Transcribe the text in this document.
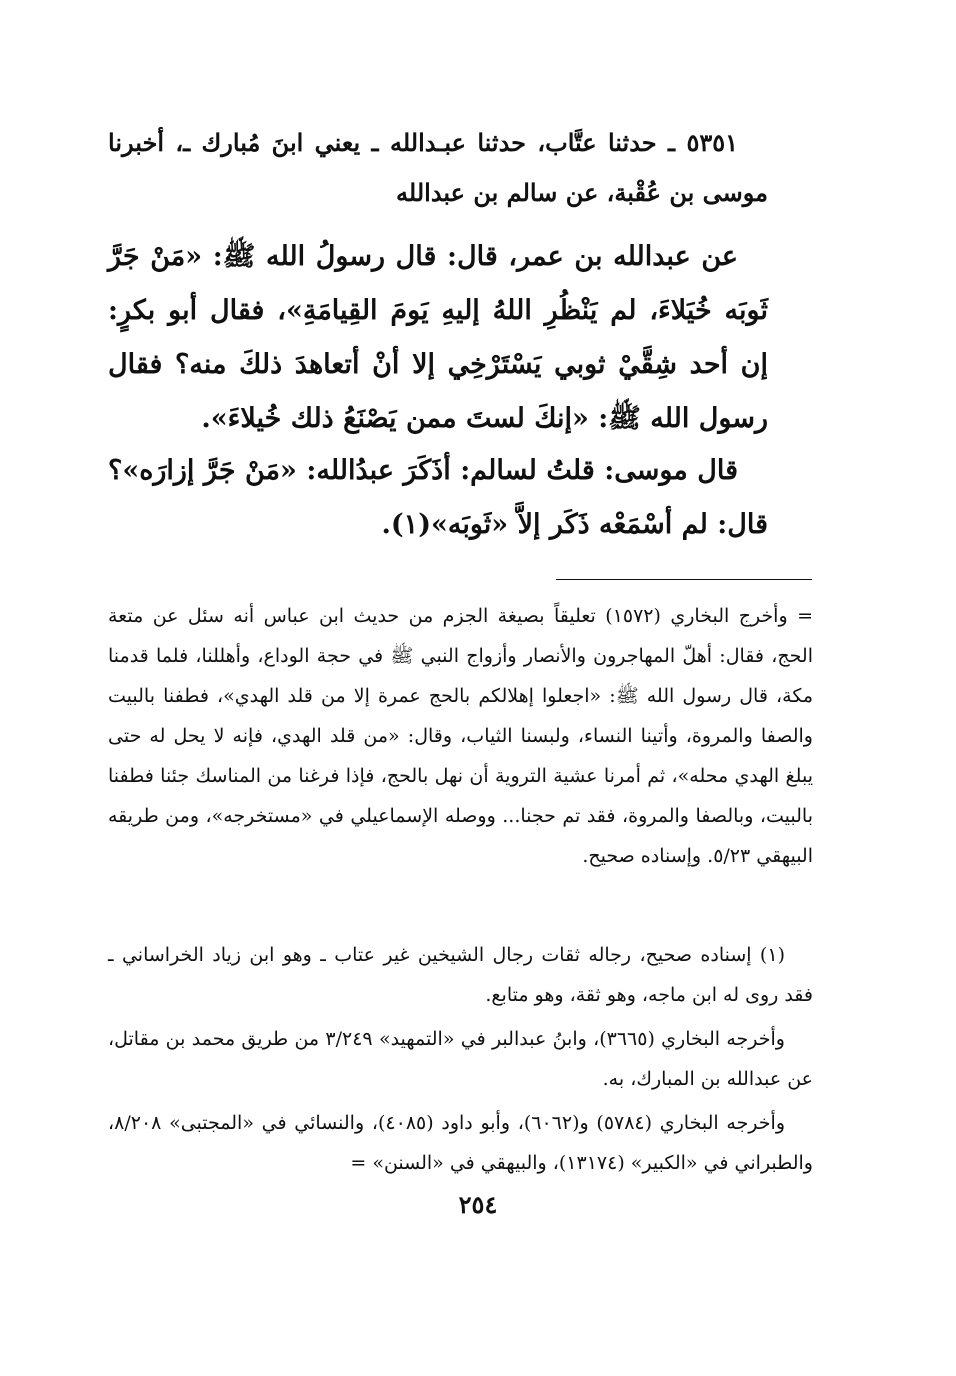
٥٣٥١ ـ حدثنا عتَّاب، حدثنا عبـدالله ـ يعني ابنَ مُبارك ـ، أخبرنا موسى بن عُقْبة، عن سالم بن عبدالله

عن عبدالله بن عمر، قال: قال رسولُ الله ﷺ: «مَنْ جَرَّ ثَوبَه خُيَلاءَ، لم يَنْظُرِ اللهُ إليهِ يَومَ القِيامَةِ»، فقال أبو بكرٍ: إن أحد شِقَّيْ ثوبي يَسْتَرْخِي إلا أنْ أتعاهدَ ذلكَ منه؟ فقال رسول الله ﷺ: «إنكَ لستَ ممن يَصْنَعُ ذلك خُيلاءَ».

قال موسى: قلتُ لسالم: أذَكَرَ عبدُالله: «مَنْ جَرَّ إزارَه»؟ قال: لم أسْمَعْه ذَكَر إلاَّ «ثَوبَه»(١).

= وأخرج البخاري (١٥٧٢) تعليقاً بصيغة الجزم من حديث ابن عباس أنه سئل عن متعة الحج، فقال: أهلّ المهاجرون والأنصار وأزواج النبي ﷺ في حجة الوداع، وأهللنا، فلما قدمنا مكة، قال رسول الله ﷺ: «اجعلوا إهلالكم بالحج عمرة إلا من قلد الهدي»، فطفنا بالبيت والصفا والمروة، وأتينا النساء، ولبسنا الثياب، وقال: «من قلد الهدي، فإنه لا يحل له حتى يبلغ الهدي محله»، ثم أمرنا عشية التروية أن نهل بالحج، فإذا فرغنا من المناسك جئنا فطفنا بالبيت، وبالصفا والمروة، فقد تم حجنا... ووصله الإسماعيلي في «مستخرجه»، ومن طريقه البيهقي ٥/٢٣. وإسناده صحيح.

(١) إسناده صحيح، رجاله ثقات رجال الشيخين غير عتاب ـ وهو ابن زياد الخراساني ـ فقد روى له ابن ماجه، وهو ثقة، وهو متابع.

وأخرجه البخاري (٣٦٦٥)، وابنُ عبدالبر في «التمهيد» ٣/٢٤٩ من طريق محمد بن مقاتل، عن عبدالله بن المبارك، به.

وأخرجه البخاري (٥٧٨٤) و(٦٠٦٢)، وأبو داود (٤٠٨٥)، والنسائي في «المجتبى» ٨/٢٠٨، والطبراني في «الكبير» (١٣١٧٤)، والبيهقي في «السنن» =

٢٥٤
